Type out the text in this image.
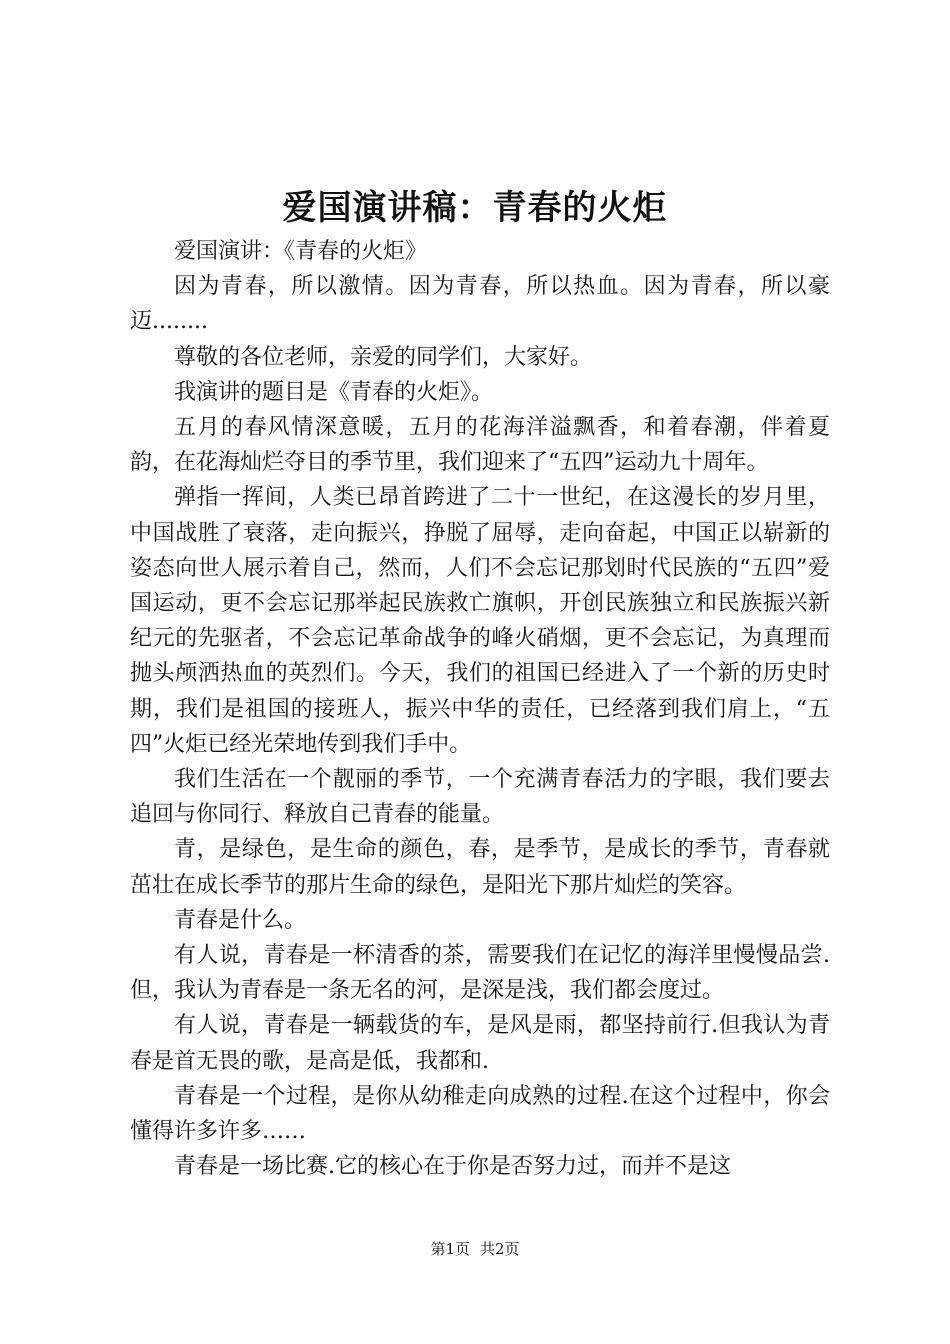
爱国演讲稿：青春的火炬

爱国演讲：《青春的火炬》

因为青春，所以激情。因为青春，所以热血。因为青春，所以豪迈........

尊敬的各位老师，亲爱的同学们，大家好。

我演讲的题目是《青春的火炬》。

五月的春风情深意暖，五月的花海洋溢飘香，和着春潮，伴着夏韵，在花海灿烂夺目的季节里，我们迎来了“五四”运动九十周年。

弹指一挥间，人类已昂首跨进了二十一世纪，在这漫长的岁月里，中国战胜了衰落，走向振兴，挣脱了屈辱，走向奋起，中国正以崭新的姿态向世人展示着自己，然而，人们不会忘记那划时代民族的“五四”爱国运动，更不会忘记那举起民族救亡旗帜，开创民族独立和民族振兴新纪元的先驱者，不会忘记革命战争的峰火硝烟，更不会忘记，为真理而抛头颅洒热血的英烈们。今天，我们的祖国已经进入了一个新的历史时期，我们是祖国的接班人，振兴中华的责任，已经落到我们肩上，“五四”火炬已经光荣地传到我们手中。

我们生活在一个靓丽的季节，一个充满青春活力的字眼，我们要去追回与你同行、释放自己青春的能量。

青，是绿色，是生命的颜色，春，是季节，是成长的季节，青春就茁壮在成长季节的那片生命的绿色，是阳光下那片灿烂的笑容。

青春是什么。

有人说，青春是一杯清香的茶，需要我们在记忆的海洋里慢慢品尝.但，我认为青春是一条无名的河，是深是浅，我们都会度过。

有人说，青春是一辆载货的车，是风是雨，都坚持前行.但我认为青春是首无畏的歌，是高是低，我都和.

青春是一个过程，是你从幼稚走向成熟的过程.在这个过程中，你会懂得许多许多……

青春是一场比赛.它的核心在于你是否努力过，而并不是这

第1页 共2页
